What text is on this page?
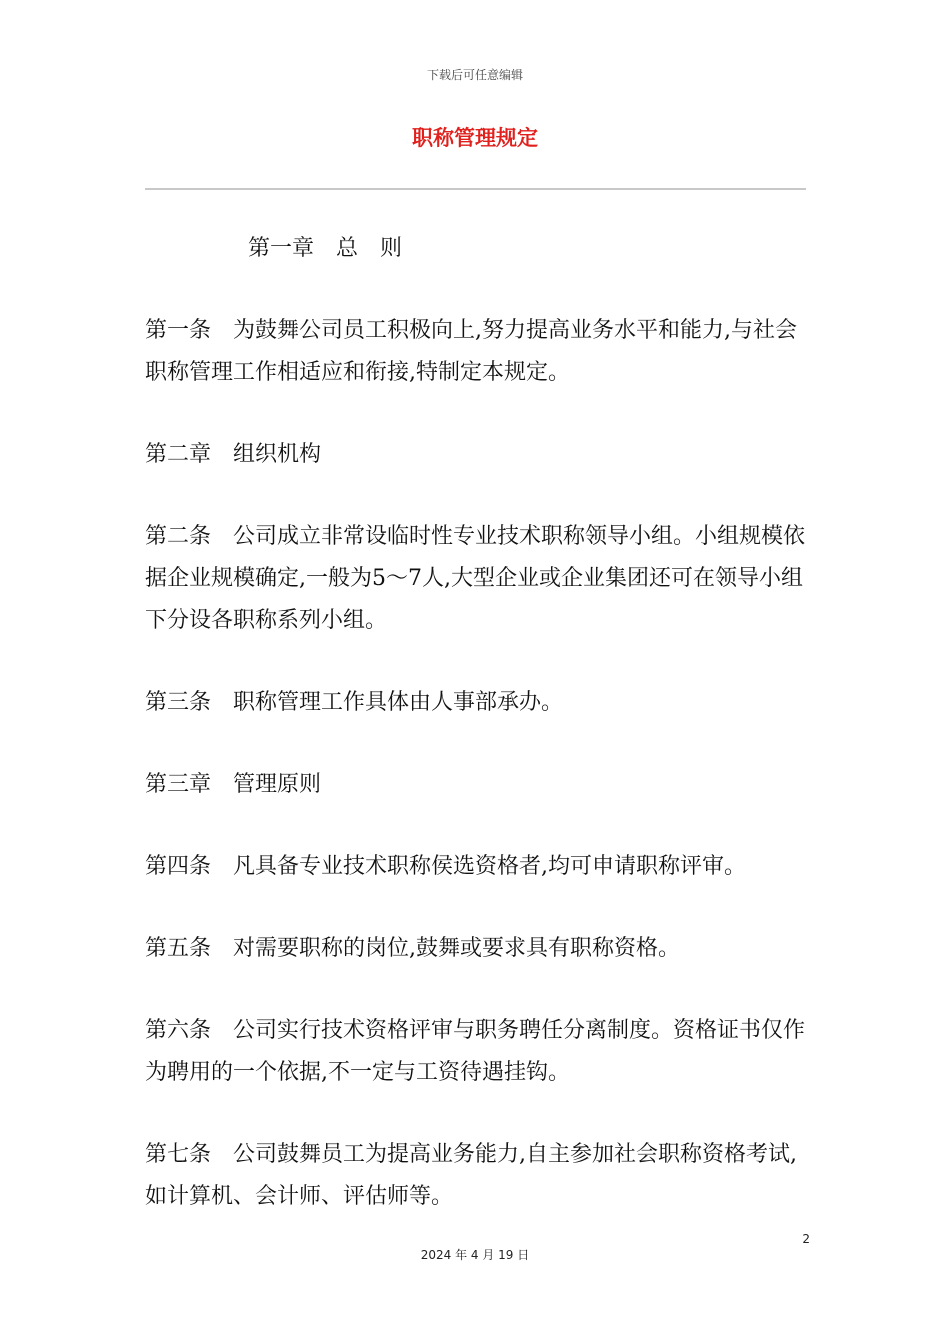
下载后可任意编辑
职称管理规定

第一章 总　则

第一条 为鼓舞公司员工积极向上,努力提高业务水平和能力,与社会职称管理工作相适应和衔接,特制定本规定。

第二章 组织机构

第二条 公司成立非常设临时性专业技术职称领导小组。小组规模依据企业规模确定,一般为5～7人,大型企业或企业集团还可在领导小组下分设各职称系列小组。

第三条 职称管理工作具体由人事部承办。

第三章 管理原则

第四条 凡具备专业技术职称侯选资格者,均可申请职称评审。

第五条 对需要职称的岗位,鼓舞或要求具有职称资格。

第六条 公司实行技术资格评审与职务聘任分离制度。资格证书仅作为聘用的一个依据,不一定与工资待遇挂钩。

第七条 公司鼓舞员工为提高业务能力,自主参加社会职称资格考试,如计算机、会计师、评估师等。

2
2024 年 4 月 19 日
